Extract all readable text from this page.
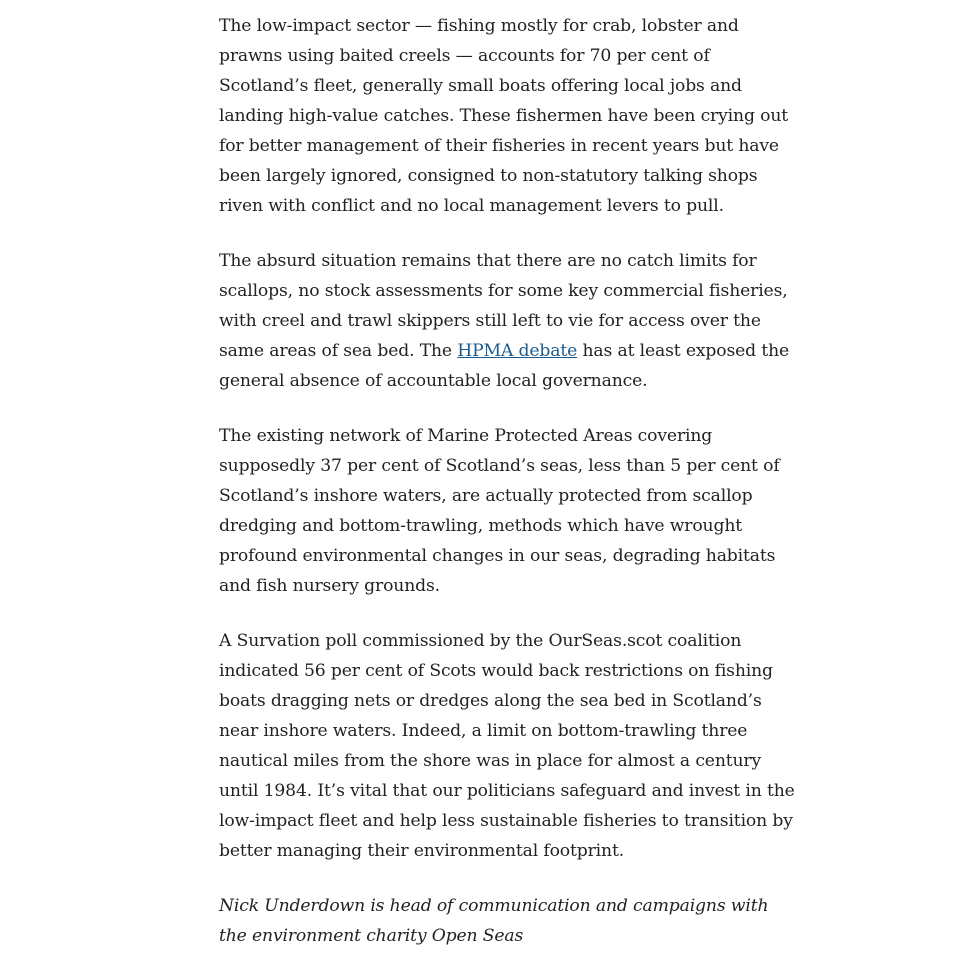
The low-impact sector — fishing mostly for crab, lobster and prawns using baited creels — accounts for 70 per cent of Scotland’s fleet, generally small boats offering local jobs and landing high-value catches. These fishermen have been crying out for better management of their fisheries in recent years but have been largely ignored, consigned to non-statutory talking shops riven with conflict and no local management levers to pull.

The absurd situation remains that there are no catch limits for scallops, no stock assessments for some key commercial fisheries, with creel and trawl skippers still left to vie for access over the same areas of sea bed. The HPMA debate has at least exposed the general absence of accountable local governance.

The existing network of Marine Protected Areas covering supposedly 37 per cent of Scotland’s seas, less than 5 per cent of Scotland’s inshore waters, are actually protected from scallop dredging and bottom-trawling, methods which have wrought profound environmental changes in our seas, degrading habitats and fish nursery grounds.

A Survation poll commissioned by the OurSeas.scot coalition indicated 56 per cent of Scots would back restrictions on fishing boats dragging nets or dredges along the sea bed in Scotland’s near inshore waters. Indeed, a limit on bottom-trawling three nautical miles from the shore was in place for almost a century until 1984. It’s vital that our politicians safeguard and invest in the low-impact fleet and help less sustainable fisheries to transition by better managing their environmental footprint.

Nick Underdown is head of communication and campaigns with the environment charity Open Seas
